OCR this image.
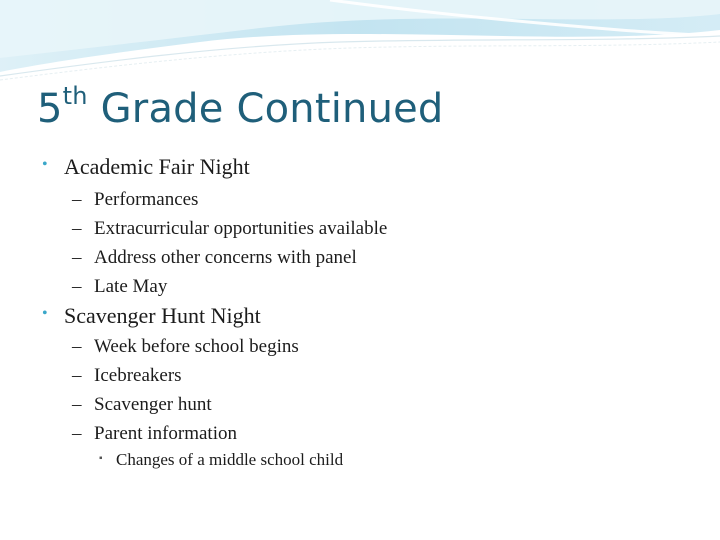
5th Grade Continued
• Academic Fair Night
– Performances
– Extracurricular opportunities available
– Address other concerns with panel
– Late May
• Scavenger Hunt Night
– Week before school begins
– Icebreakers
– Scavenger hunt
– Parent information
▪ Changes of a middle school child
